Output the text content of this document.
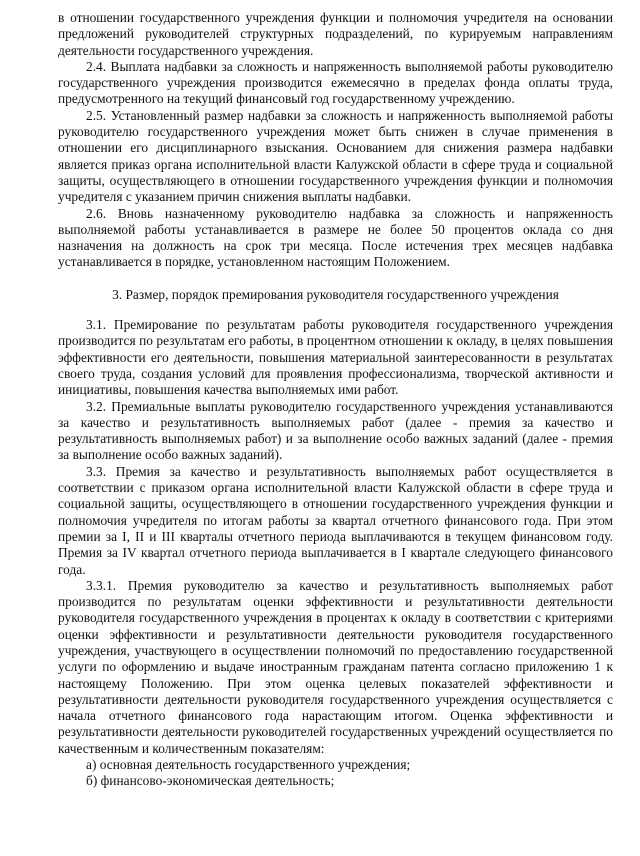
в отношении государственного учреждения функции и полномочия учредителя на основании предложений руководителей структурных подразделений, по курируемым направлениям деятельности государственного учреждения.

2.4. Выплата надбавки за сложность и напряженность выполняемой работы руководителю государственного учреждения производится ежемесячно в пределах фонда оплаты труда, предусмотренного на текущий финансовый год государственному учреждению.

2.5. Установленный размер надбавки за сложность и напряженность выполняемой работы руководителю государственного учреждения может быть снижен в случае применения в отношении его дисциплинарного взыскания. Основанием для снижения размера надбавки является приказ органа исполнительной власти Калужской области в сфере труда и социальной защиты, осуществляющего в отношении государственного учреждения функции и полномочия учредителя с указанием причин снижения выплаты надбавки.

2.6. Вновь назначенному руководителю надбавка за сложность и напряженность выполняемой работы устанавливается в размере не более 50 процентов оклада со дня назначения на должность на срок три месяца. После истечения трех месяцев надбавка устанавливается в порядке, установленном настоящим Положением.

3. Размер, порядок премирования руководителя государственного учреждения

3.1. Премирование по результатам работы руководителя государственного учреждения производится по результатам его работы, в процентном отношении к окладу, в целях повышения эффективности его деятельности, повышения материальной заинтересованности в результатах своего труда, создания условий для проявления профессионализма, творческой активности и инициативы, повышения качества выполняемых ими работ.

3.2. Премиальные выплаты руководителю государственного учреждения устанавливаются за качество и результативность выполняемых работ (далее - премия за качество и результативность выполняемых работ) и за выполнение особо важных заданий (далее - премия за выполнение особо важных заданий).

3.3. Премия за качество и результативность выполняемых работ осуществляется в соответствии с приказом органа исполнительной власти Калужской области в сфере труда и социальной защиты, осуществляющего в отношении государственного учреждения функции и полномочия учредителя по итогам работы за квартал отчетного финансового года. При этом премии за I, II и III кварталы отчетного периода выплачиваются в текущем финансовом году. Премия за IV квартал отчетного периода выплачивается в I квартале следующего финансового года.

3.3.1. Премия руководителю за качество и результативность выполняемых работ производится по результатам оценки эффективности и результативности деятельности руководителя государственного учреждения в процентах к окладу в соответствии с критериями оценки эффективности и результативности деятельности руководителя государственного учреждения, участвующего в осуществлении полномочий по предоставлению государственной услуги по оформлению и выдаче иностранным гражданам патента согласно приложению 1 к настоящему Положению. При этом оценка целевых показателей эффективности и результативности деятельности руководителя государственного учреждения осуществляется с начала отчетного финансового года нарастающим итогом. Оценка эффективности и результативности деятельности руководителей государственных учреждений осуществляется по качественным и количественным показателям:

а) основная деятельность государственного учреждения;

б) финансово-экономическая деятельность;
